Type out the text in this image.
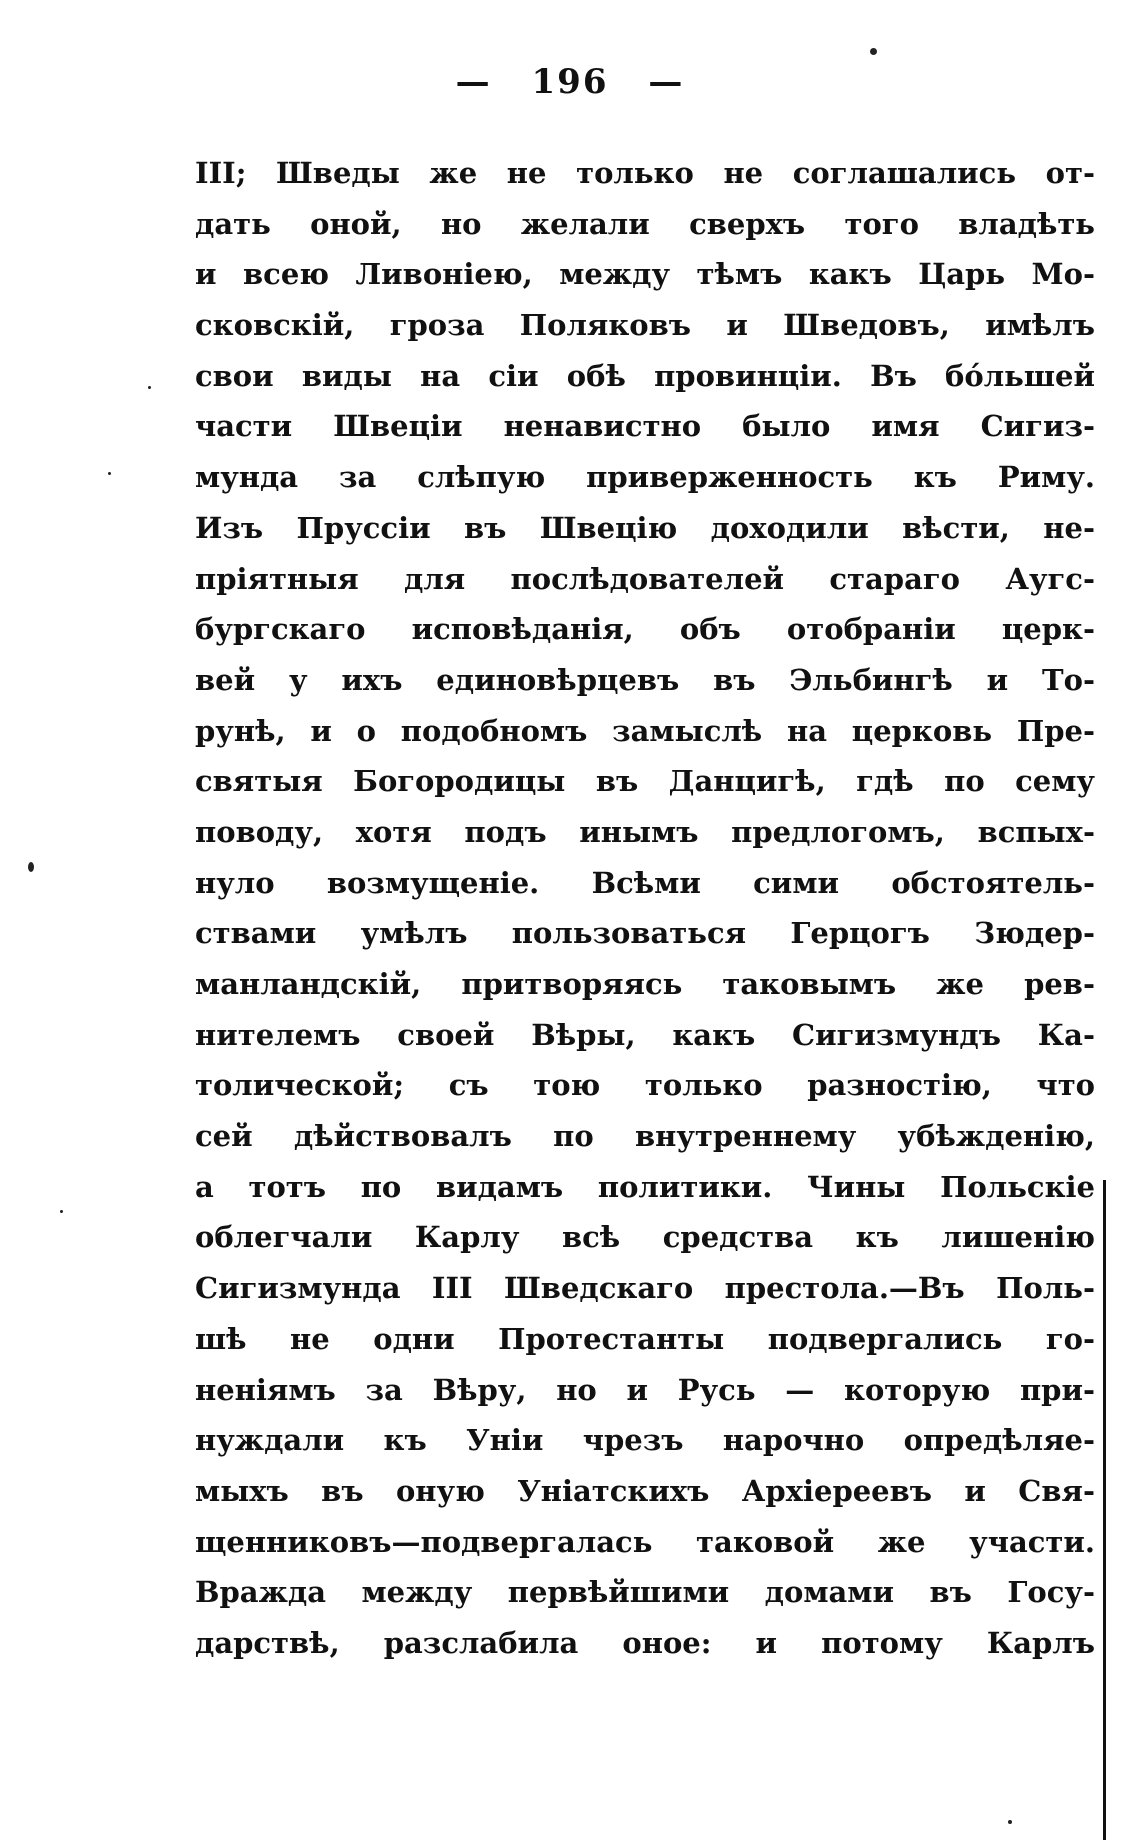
— 196 —
III; Шведы же не только не соглашались от-
дать оной, но желали сверхъ того владѣть
и всею Ливоніею, между тѣмъ какъ Царь Мо-
сковскій, гроза Поляковъ и Шведовъ, имѣлъ
свои виды на сіи обѣ провинціи. Въ бо́льшей
части Швеціи ненавистно было имя Сигиз-
мунда за слѣпую приверженность къ Риму.
Изъ Пруссіи въ Швецію доходили вѣсти, не-
пріятныя для послѣдователей стараго Аугс-
бургскаго исповѣданія, объ отобраніи церк-
вей у ихъ единовѣрцевъ въ Эльбингѣ и То-
рунѣ, и о подобномъ замыслѣ на церковь Пре-
святыя Богородицы въ Данцигѣ, гдѣ по сему
поводу, хотя подъ инымъ предлогомъ, вспых-
нуло возмущеніе. Всѣми сими обстоятель-
ствами умѣлъ пользоваться Герцогъ Зюдер-
манландскій, притворяясь таковымъ же рев-
нителемъ своей Вѣры, какъ Сигизмундъ Ка-
толической; съ тою только разностію, что
сей дѣйствовалъ по внутреннему убѣжденію,
а тотъ по видамъ политики. Чины Польскіе
облегчали Карлу всѣ средства къ лишенію
Сигизмунда III Шведскаго престола.—Въ Поль-
шѣ не одни Протестанты подвергались го-
неніямъ за Вѣру, но и Русь — которую при-
нуждали къ Уніи чрезъ нарочно опредѣляе-
мыхъ въ оную Уніатскихъ Архіереевъ и Свя-
щенниковъ—подвергалась таковой же участи.
Вражда между первѣйшими домами въ Госу-
дарствѣ, разслабила оное: и потому Карлъ
